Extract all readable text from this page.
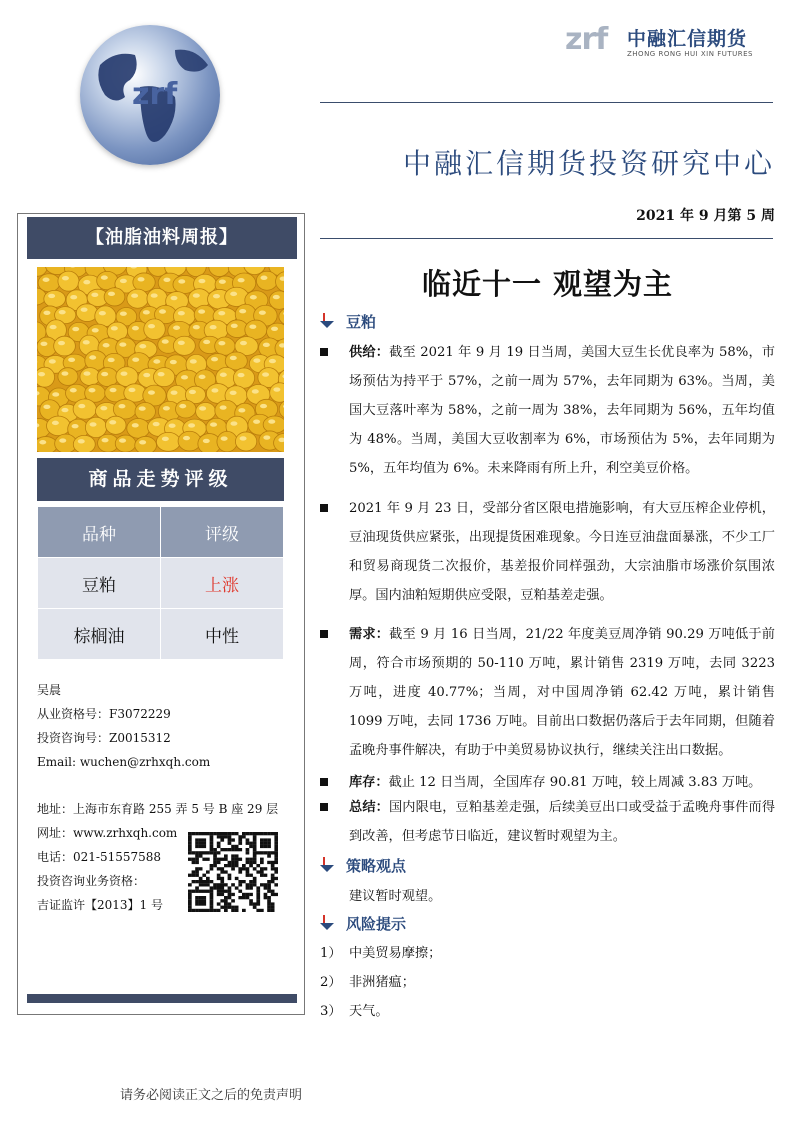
zrf
zrf 中融汇信期货
ZHONG RONG HUI XIN FUTURES
中融汇信期货投资研究中心
2021 年 9 月第 5 周
临近十一 观望为主
【油脂油料周报】
商品走势评级
品种	评级
豆粕	上涨
棕榈油	中性
吴晨
从业资格号：F3072229
投资咨询号：Z0015312
Email: wuchen@zrhxqh.com
地址：上海市东育路 255 弄 5 号 B 座 29 层
网址：www.zrhxqh.com
电话：021-51557588
投资咨询业务资格：
吉证监许【2013】1 号
豆粕
供给：截至 2021 年 9 月 19 日当周，美国大豆生长优良率为 58%，市场预估为持平于 57%，之前一周为 57%，去年同期为 63%。当周，美国大豆落叶率为 58%，之前一周为 38%，去年同期为 56%，五年均值为 48%。当周，美国大豆收割率为 6%，市场预估为 5%，去年同期为 5%，五年均值为 6%。未来降雨有所上升，利空美豆价格。
2021 年 9 月 23 日，受部分省区限电措施影响，有大豆压榨企业停机，豆油现货供应紧张，出现提货困难现象。今日连豆油盘面暴涨，不少工厂和贸易商现货二次报价，基差报价同样强劲，大宗油脂市场涨价氛围浓厚。国内油粕短期供应受限，豆粕基差走强。
需求：截至 9 月 16 日当周，21/22 年度美豆周净销 90.29 万吨低于前周，符合市场预期的 50-110 万吨，累计销售 2319 万吨，去同 3223 万吨，进度 40.77%；当周，对中国周净销 62.42 万吨，累计销售 1099 万吨，去同 1736 万吨。目前出口数据仍落后于去年同期，但随着孟晚舟事件解决，有助于中美贸易协议执行，继续关注出口数据。
库存：截止 12 日当周，全国库存 90.81 万吨，较上周减 3.83 万吨。
总结：国内限电，豆粕基差走强，后续美豆出口或受益于孟晚舟事件而得到改善，但考虑节日临近，建议暂时观望为主。
策略观点
建议暂时观望。
风险提示
1） 中美贸易摩擦；
2） 非洲猪瘟；
3） 天气。
请务必阅读正文之后的免责声明
